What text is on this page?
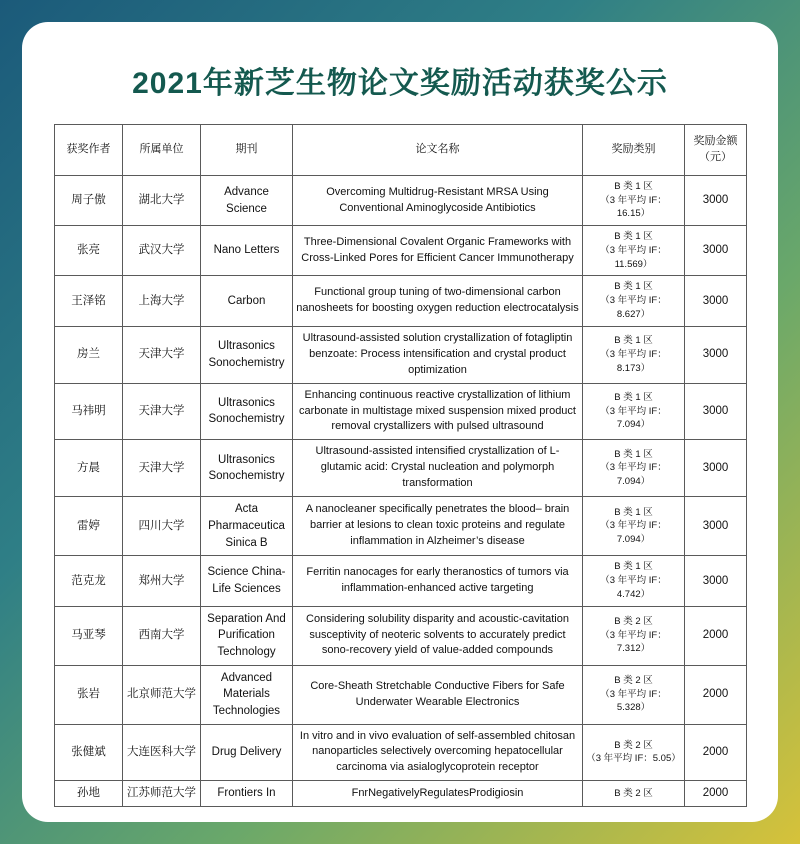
2021年新芝生物论文奖励活动获奖公示
获奖作者	所属单位	期刊	论文名称	奖励类别	奖励金额
（元）

周子傲	湖北大学	Advance Science	Overcoming Multidrug-Resistant MRSA Using Conventional Aminoglycoside Antibiotics	B 类 1 区
（3 年平均 IF：16.15）	3000
张亮	武汉大学	Nano Letters	Three-Dimensional Covalent Organic Frameworks with Cross-Linked Pores for Efficient Cancer Immunotherapy	B 类 1 区
（3 年平均 IF：11.569）	3000
王泽铭	上海大学	Carbon	Functional group tuning of two-dimensional carbon nanosheets for boosting oxygen reduction electrocatalysis	B 类 1 区
（3 年平均 IF：8.627）	3000
房兰	天津大学	Ultrasonics Sonochemistry	Ultrasound-assisted solution crystallization of fotagliptin benzoate: Process intensification and crystal product optimization	B 类 1 区
（3 年平均 IF：8.173）	3000
马祎明	天津大学	Ultrasonics Sonochemistry	Enhancing continuous reactive crystallization of lithium carbonate in multistage mixed suspension mixed product removal crystallizers with pulsed ultrasound	B 类 1 区
（3 年平均 IF：7.094）	3000
方晨	天津大学	Ultrasonics Sonochemistry	Ultrasound-assisted intensified crystallization of L-glutamic acid: Crystal nucleation and polymorph transformation	B 类 1 区
（3 年平均 IF：7.094）	3000
雷婷	四川大学	Acta Pharmaceutica Sinica B	A nanocleaner specifically penetrates the blood– brain barrier at lesions to clean toxic proteins and regulate inflammation in Alzheimer’s disease	B 类 1 区
（3 年平均 IF：7.094）	3000
范克龙	郑州大学	Science China-Life Sciences	Ferritin nanocages for early theranostics of tumors via inflammation-enhanced active targeting	B 类 1 区
（3 年平均 IF：4.742）	3000
马亚琴	西南大学	Separation And Purification Technology	Considering solubility disparity and acoustic-cavitation susceptivity of neoteric solvents to accurately predict sono-recovery yield of value-added compounds	B 类 2 区
（3 年平均 IF：7.312）	2000
张岩	北京师范大学	Advanced Materials Technologies	Core-Sheath Stretchable Conductive Fibers for Safe Underwater Wearable Electronics	B 类 2 区
（3 年平均 IF：5.328）	2000
张健斌	大连医科大学	Drug Delivery	In vitro and in vivo evaluation of self-assembled chitosan nanoparticles selectively overcoming hepatocellular carcinoma via asialoglycoprotein receptor	B 类 2 区
（3 年平均 IF：5.05）	2000
孙地	江苏师范大学	Frontiers In	FnrNegativelyRegulatesProdigiosin	B 类 2 区	2000
